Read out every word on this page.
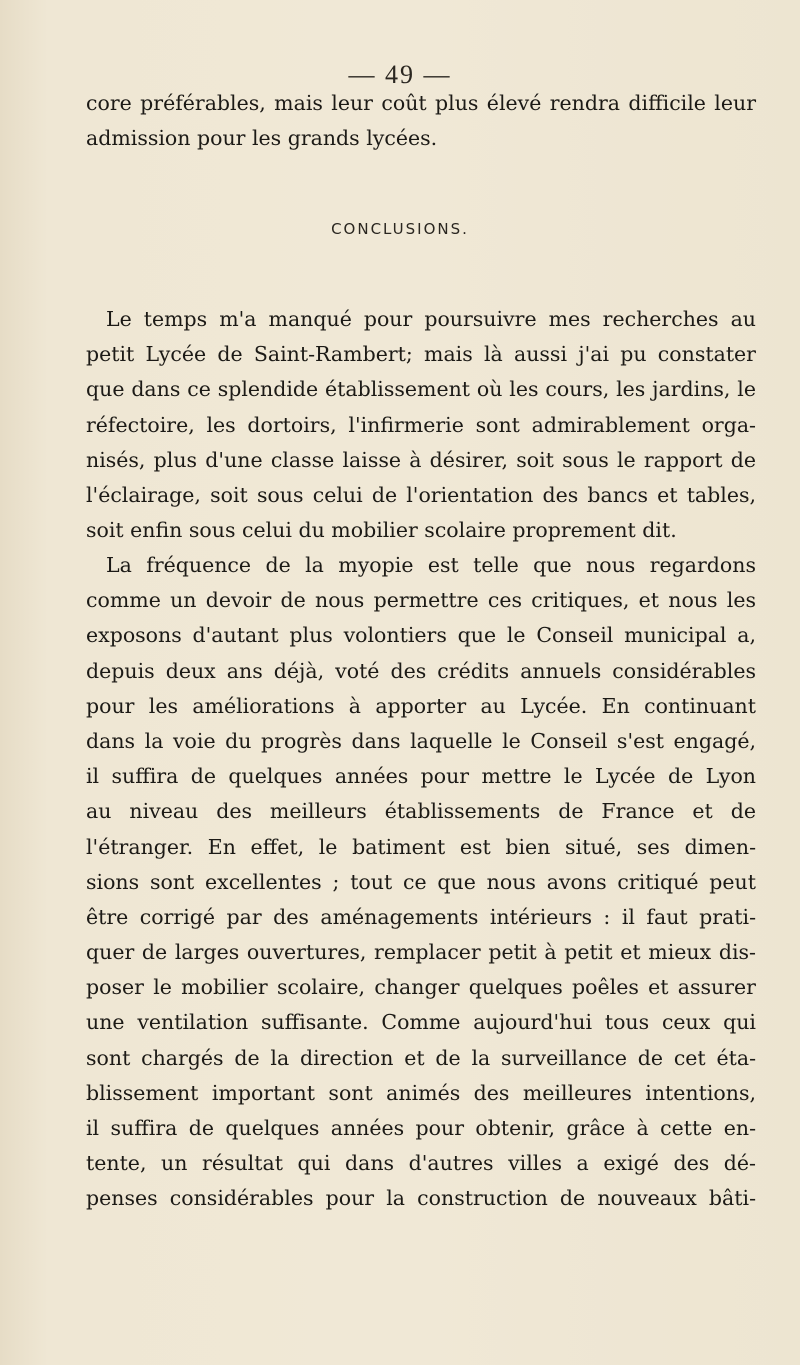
— 49 —
core préférables, mais leur coût plus élevé rendra difficile leur
admission pour les grands lycées.
CONCLUSIONS.
Le temps m'a manqué pour poursuivre mes recherches au
petit Lycée de Saint-Rambert; mais là aussi j'ai pu constater
que dans ce splendide établissement où les cours, les jardins, le
réfectoire, les dortoirs, l'infirmerie sont admirablement orga-
nisés, plus d'une classe laisse à désirer, soit sous le rapport de
l'éclairage, soit sous celui de l'orientation des bancs et tables,
soit enfin sous celui du mobilier scolaire proprement dit.
La fréquence de la myopie est telle que nous regardons
comme un devoir de nous permettre ces critiques, et nous les
exposons d'autant plus volontiers que le Conseil municipal a,
depuis deux ans déjà, voté des crédits annuels considérables
pour les améliorations à apporter au Lycée. En continuant
dans la voie du progrès dans laquelle le Conseil s'est engagé,
il suffira de quelques années pour mettre le Lycée de Lyon
au niveau des meilleurs établissements de France et de
l'étranger. En effet, le batiment est bien situé, ses dimen-
sions sont excellentes ; tout ce que nous avons critiqué peut
être corrigé par des aménagements intérieurs : il faut prati-
quer de larges ouvertures, remplacer petit à petit et mieux dis-
poser le mobilier scolaire, changer quelques poêles et assurer
une ventilation suffisante. Comme aujourd'hui tous ceux qui
sont chargés de la direction et de la surveillance de cet éta-
blissement important sont animés des meilleures intentions,
il suffira de quelques années pour obtenir, grâce à cette en-
tente, un résultat qui dans d'autres villes a exigé des dé-
penses considérables pour la construction de nouveaux bâti-
